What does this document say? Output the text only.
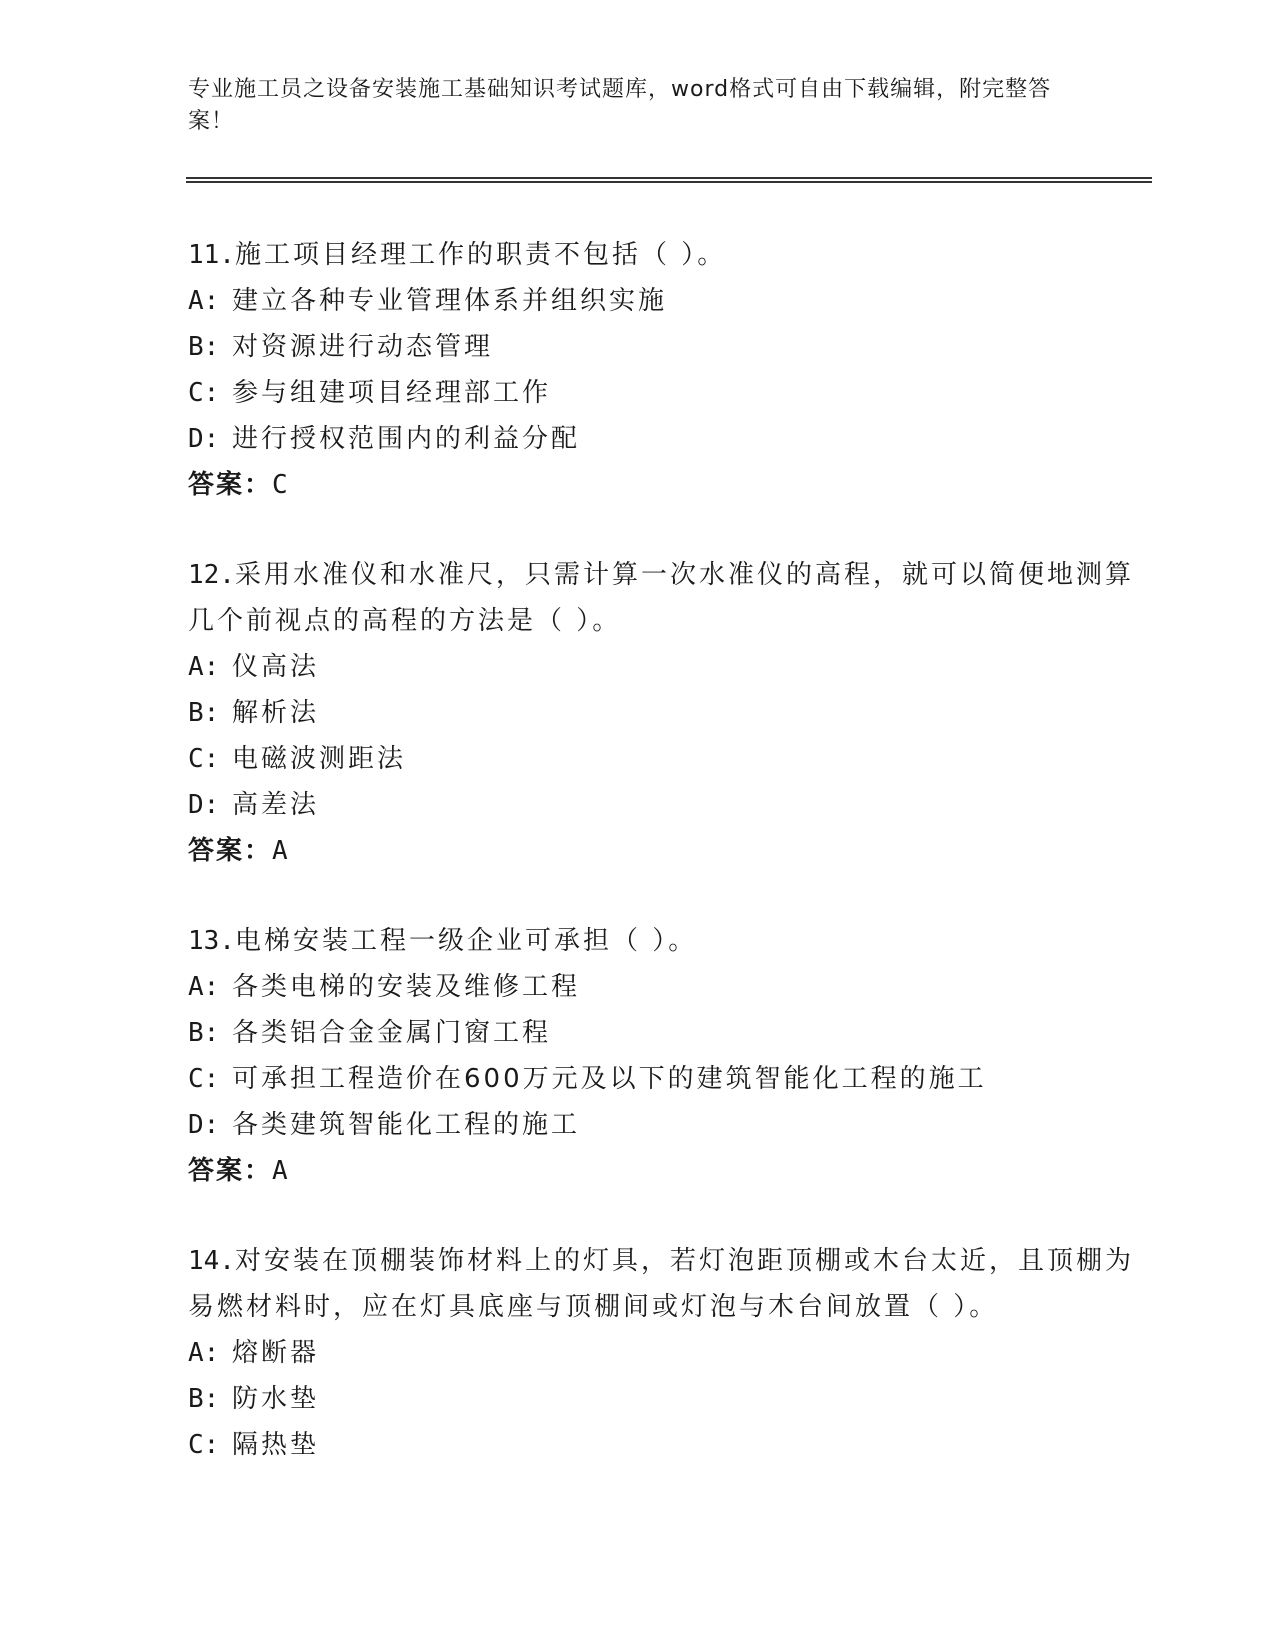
专业施工员之设备安装施工基础知识考试题库，word格式可自由下载编辑，附完整答案！
11.施工项目经理工作的职责不包括（ ）。
A: 建立各种专业管理体系并组织实施
B: 对资源进行动态管理
C: 参与组建项目经理部工作
D: 进行授权范围内的利益分配
答案：C
12.采用水准仪和水准尺，只需计算一次水准仪的高程，就可以简便地测算几个前视点的高程的方法是（ ）。
A: 仪高法
B: 解析法
C: 电磁波测距法
D: 高差法
答案：A
13.电梯安装工程一级企业可承担（ ）。
A: 各类电梯的安装及维修工程
B: 各类铝合金金属门窗工程
C: 可承担工程造价在600万元及以下的建筑智能化工程的施工
D: 各类建筑智能化工程的施工
答案：A
14.对安装在顶棚装饰材料上的灯具，若灯泡距顶棚或木台太近，且顶棚为易燃材料时，应在灯具底座与顶棚间或灯泡与木台间放置（ ）。
A: 熔断器
B: 防水垫
C: 隔热垫
